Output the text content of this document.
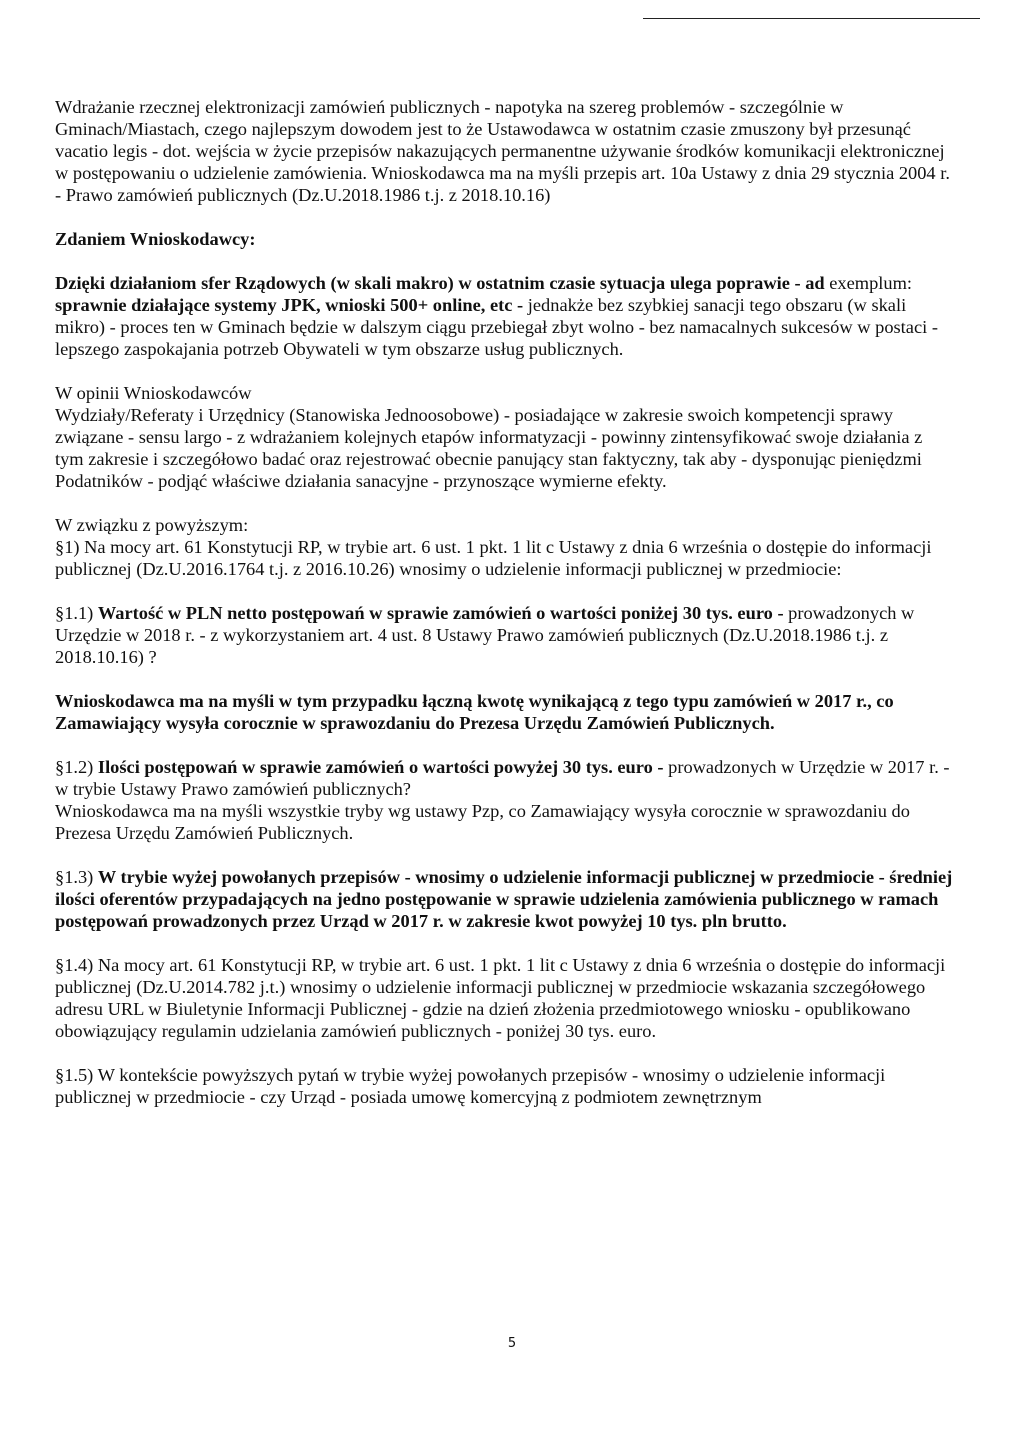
Wdrażanie rzecznej elektronizacji zamówień publicznych - napotyka na szereg problemów - szczególnie w Gminach/Miastach, czego najlepszym dowodem jest to że Ustawodawca w ostatnim czasie zmuszony był przesunąć vacatio legis - dot. wejścia w życie przepisów nakazujących permanentne używanie środków komunikacji elektronicznej w postępowaniu o udzielenie zamówienia. Wnioskodawca ma na myśli przepis art. 10a Ustawy z dnia 29 stycznia 2004 r. - Prawo zamówień publicznych (Dz.U.2018.1986 t.j. z 2018.10.16)

Zdaniem Wnioskodawcy:

Dzięki działaniom sfer Rządowych (w skali makro) w ostatnim czasie sytuacja ulega poprawie - ad exemplum: sprawnie działające systemy JPK, wnioski 500+ online, etc - jednakże bez szybkiej sanacji tego obszaru (w skali mikro) - proces ten w Gminach będzie w dalszym ciągu przebiegał zbyt wolno - bez namacalnych sukcesów w postaci - lepszego zaspokajania potrzeb Obywateli w tym obszarze usług publicznych.

W opinii Wnioskodawców

Wydziały/Referaty i Urzędnicy (Stanowiska Jednoosobowe) - posiadające w zakresie swoich kompetencji sprawy związane - sensu largo - z wdrażaniem kolejnych etapów informatyzacji - powinny zintensyfikować swoje działania z tym zakresie i szczegółowo badać oraz rejestrować obecnie panujący stan faktyczny, tak aby - dysponując pieniędzmi Podatników - podjąć właściwe działania sanacyjne - przynoszące wymierne efekty.

W związku z powyższym:

§1) Na mocy art. 61 Konstytucji RP, w trybie art. 6 ust. 1 pkt. 1 lit c Ustawy z dnia 6 września o dostępie do informacji publicznej (Dz.U.2016.1764 t.j. z 2016.10.26) wnosimy o udzielenie informacji publicznej w przedmiocie:

§1.1) Wartość w PLN netto postępowań w sprawie zamówień o wartości poniżej 30 tys. euro - prowadzonych w Urzędzie w 2018 r. - z wykorzystaniem art. 4 ust. 8 Ustawy Prawo zamówień publicznych (Dz.U.2018.1986 t.j. z 2018.10.16) ?

Wnioskodawca ma na myśli w tym przypadku łączną kwotę wynikającą z tego typu zamówień w 2017 r., co Zamawiający wysyła corocznie w sprawozdaniu do Prezesa Urzędu Zamówień Publicznych.

§1.2) Ilości postępowań w sprawie zamówień o wartości powyżej 30 tys. euro - prowadzonych w Urzędzie w 2017 r. - w trybie Ustawy Prawo zamówień publicznych?

Wnioskodawca ma na myśli wszystkie tryby wg ustawy Pzp, co Zamawiający wysyła corocznie w sprawozdaniu do Prezesa Urzędu Zamówień Publicznych.

§1.3) W trybie wyżej powołanych przepisów - wnosimy o udzielenie informacji publicznej w przedmiocie - średniej ilości oferentów przypadających na jedno postępowanie w sprawie udzielenia zamówienia publicznego w ramach postępowań prowadzonych przez Urząd w 2017 r. w zakresie kwot powyżej 10 tys. pln brutto.

§1.4) Na mocy art. 61 Konstytucji RP, w trybie art. 6 ust. 1 pkt. 1 lit c Ustawy z dnia 6 września o dostępie do informacji publicznej (Dz.U.2014.782 j.t.) wnosimy o udzielenie informacji publicznej w przedmiocie wskazania szczegółowego adresu URL w Biuletynie Informacji Publicznej - gdzie na dzień złożenia przedmiotowego wniosku - opublikowano obowiązujący regulamin udzielania zamówień publicznych - poniżej 30 tys. euro.

§1.5) W kontekście powyższych pytań w trybie wyżej powołanych przepisów - wnosimy o udzielenie informacji publicznej w przedmiocie - czy Urząd - posiada umowę komercyjną z podmiotem zewnętrznym

5
